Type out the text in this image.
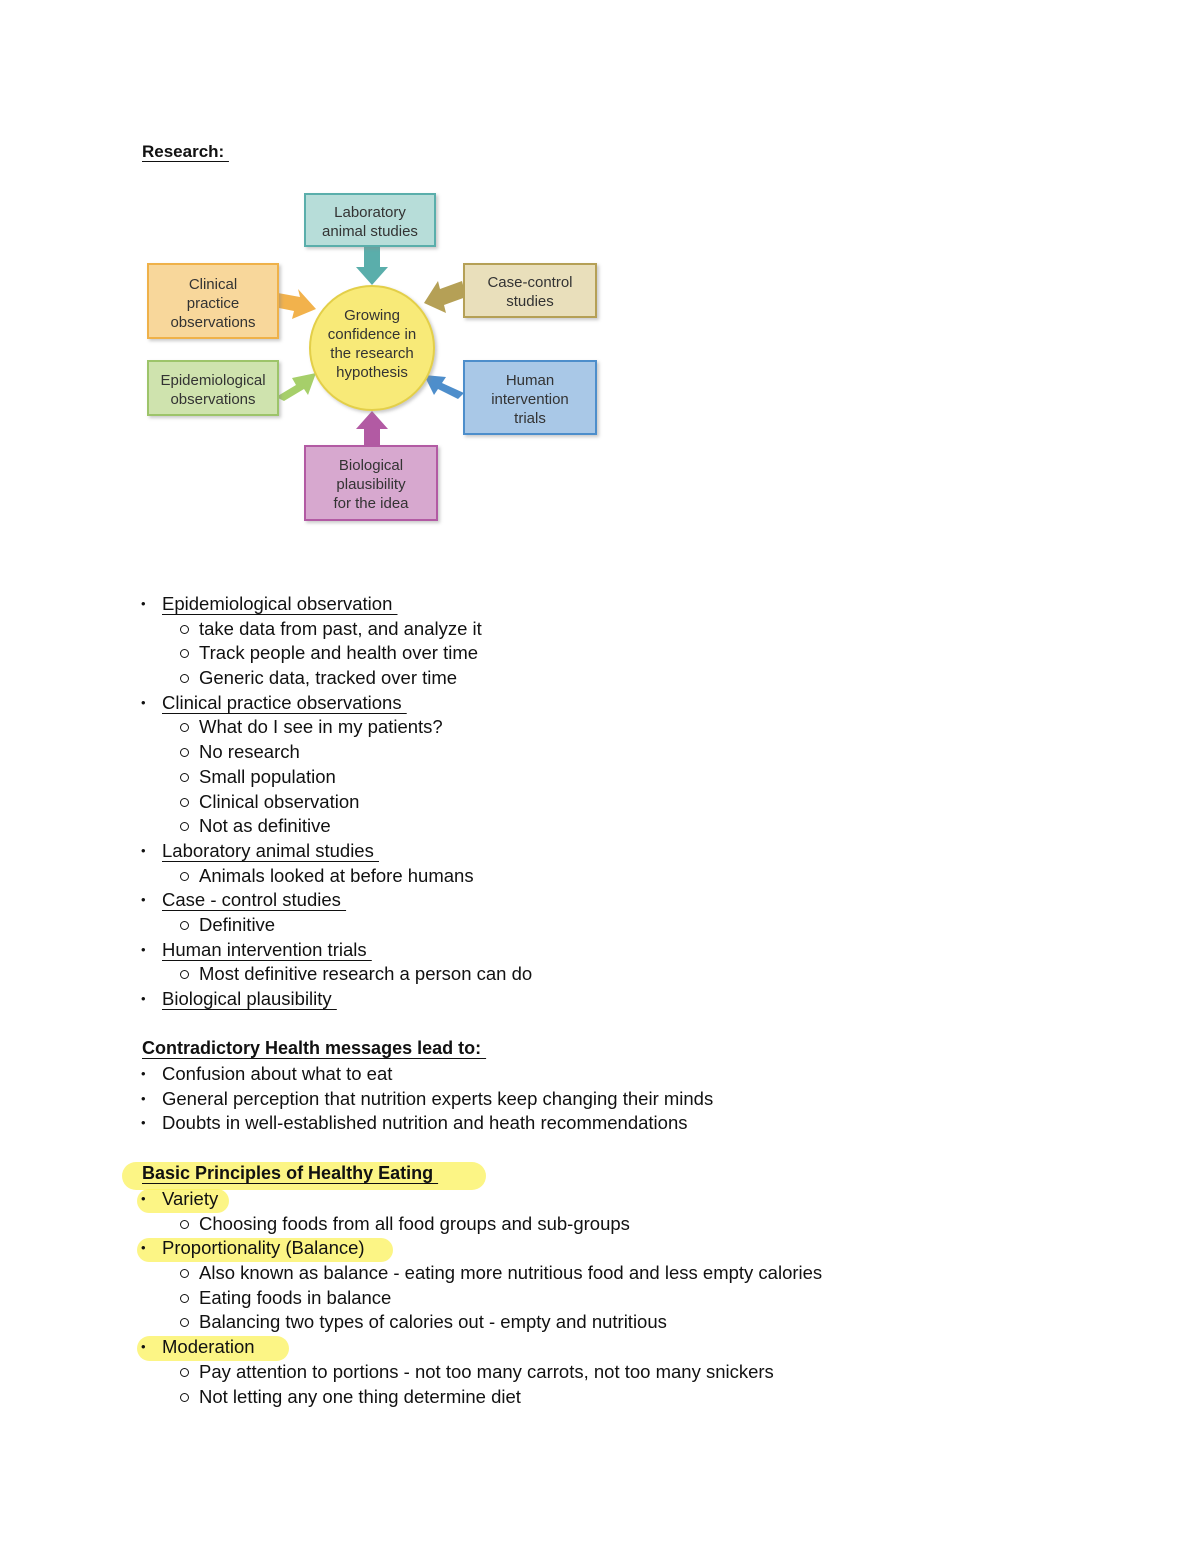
Research:
Laboratory
animal studies
Clinical
practice
observations
Case-control
studies
Epidemiological
observations
Human
intervention
trials
Biological
plausibility
for the idea
Growing
confidence in
the research
hypothesis
• Epidemiological observation
take data from past, and analyze it
Track people and health over time
Generic data, tracked over time
• Clinical practice observations
What do I see in my patients?
No research
Small population
Clinical observation
Not as definitive
• Laboratory animal studies
Animals looked at before humans
• Case - control studies
Definitive
• Human intervention trials
Most definitive research a person can do
• Biological plausibility
Contradictory Health messages lead to:
• Confusion about what to eat
• General perception that nutrition experts keep changing their minds
• Doubts in well-established nutrition and heath recommendations
Basic Principles of Healthy Eating
• Variety
Choosing foods from all food groups and sub-groups
• Proportionality (Balance)
Also known as balance - eating more nutritious food and less empty calories
Eating foods in balance
Balancing two types of calories out - empty and nutritious
• Moderation
Pay attention to portions - not too many carrots, not too many snickers
Not letting any one thing determine diet
